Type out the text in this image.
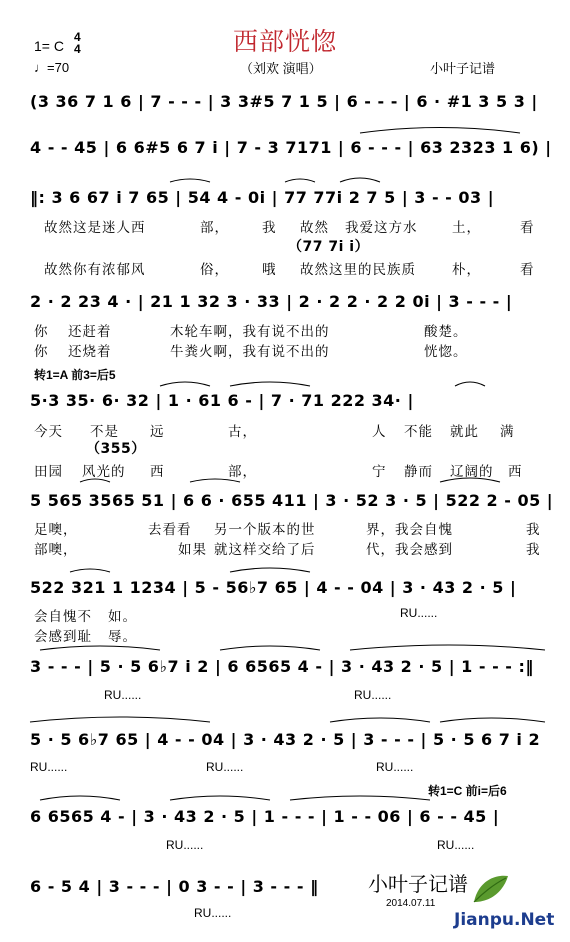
西部恍惚
1= C
4
4
♩=70	（刘欢 演唱）	小叶子记谱
(3 36 7 1 6 | 7 - - - | 3 3#5 7 1 5 | 6 - - - | 6 · #1 3 5 3 |
4 - - 45 | 6 6#5 6 7 i | 7 - 3 7171 | 6 - - - | 63 2323 1 6) |
‖: 3 6 67 i 7 65 | 54 4 - 0i | 77 77i 2 7 5 | 3 - - 03 |
2 · 2 23 4 · | 21 1 32 3 · 33 | 2 · 2 2 · 2 2 0i | 3 - - - |
5·3 35· 6· 32 | 1 · 61 6 - | 7 · 71 222 34· |
5 565 3565 51 | 6 6 · 655 411 | 3 · 52 3 · 5 | 522 2 - 05 |
522 321 1 1234 | 5 - 56♭7 65 | 4 - - 04 | 3 · 43 2 · 5 |
3 - - - | 5 · 5 6♭7 i 2 | 6 6565 4 - | 3 · 43 2 · 5 | 1 - - - :‖
5 · 5 6♭7 65 | 4 - - 04 | 3 · 43 2 · 5 | 3 - - - | 5 · 5 6 7 i 2
6 6565 4 - | 3 · 43 2 · 5 | 1 - - - | 1 - - 06 | 6 - - 45 |
6 - 5 4 | 3 - - - | 0 3 - - | 3 - - - ‖
故然这是迷人西	部， 我 故然 我爱这方水	土，	看
（77 7i i）
故然你有浓郁风	俗， 哦 故然这里的民族质	朴，	看
你 还赶着	木轮车啊，我有说不出的	酸楚。
你 还烧着	牛粪火啊，我有说不出的	恍惚。
转1=A 前3=后5
今天 不是 远	古，	人 不能 就此 满
（355）
田园 风光的 西	部，	宁 静而 辽阔的 西
足噢，	去看看 另一个版本的世	界，我会自愧	我
部噢，	如果 就这样交给了后	代，我会感到	我
会自愧不 如。	RU......
会感到耻 辱。
RU......	RU......
RU......	RU......	RU......
RU......	RU......
RU......
转1=C 前i=后6
小叶子记谱
2014.07.11
Jianpu.Net
